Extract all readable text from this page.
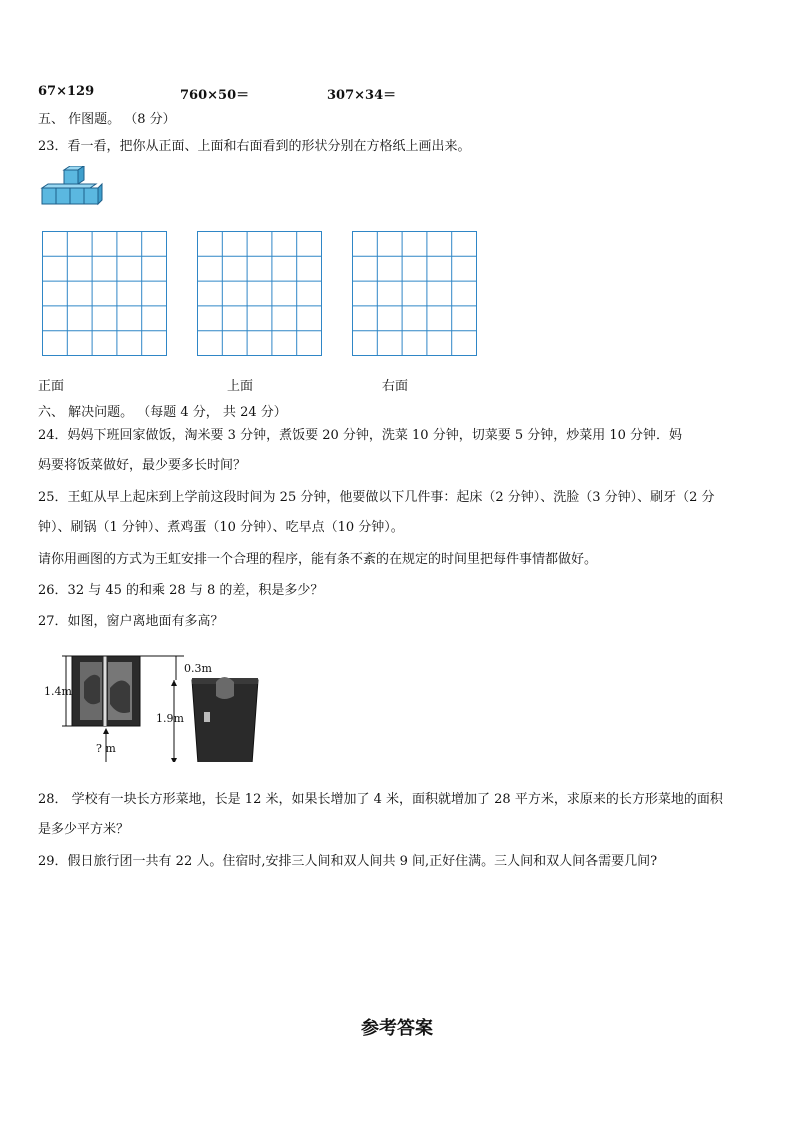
67×129	760×50＝	307×34＝
五、 作图题。 （8 分）
23．看一看，把你从正面、上面和右面看到的形状分别在方格纸上画出来。
正面	上面	右面
六、 解决问题。 （每题 4 分， 共 24 分）
24．妈妈下班回家做饭，淘米要 3 分钟，煮饭要 20 分钟，洗菜 10 分钟，切菜要 5 分钟，炒菜用 10 分钟．妈
妈要将饭菜做好，最少要多长时间？
25．王虹从早上起床到上学前这段时间为 25 分钟，他要做以下几件事：起床（2 分钟）、洗脸（3 分钟）、刷牙（2 分
钟）、刷锅（1 分钟）、煮鸡蛋（10 分钟）、吃早点（10 分钟）。
请你用画图的方式为王虹安排一个合理的程序，能有条不紊的在规定的时间里把每件事情都做好。
26．32 与 45 的和乘 28 与 8 的差，积是多少？
27．如图，窗户离地面有多高？
1.4m
? m
0.3m
1.9m
28． 学校有一块长方形菜地，长是 12 米，如果长增加了 4 米，面积就增加了 28 平方米，求原来的长方形菜地的面积
是多少平方米？
29．假日旅行团一共有 22 人。住宿时,安排三人间和双人间共 9 间,正好住满。三人间和双人间各需要几间?
参考答案
